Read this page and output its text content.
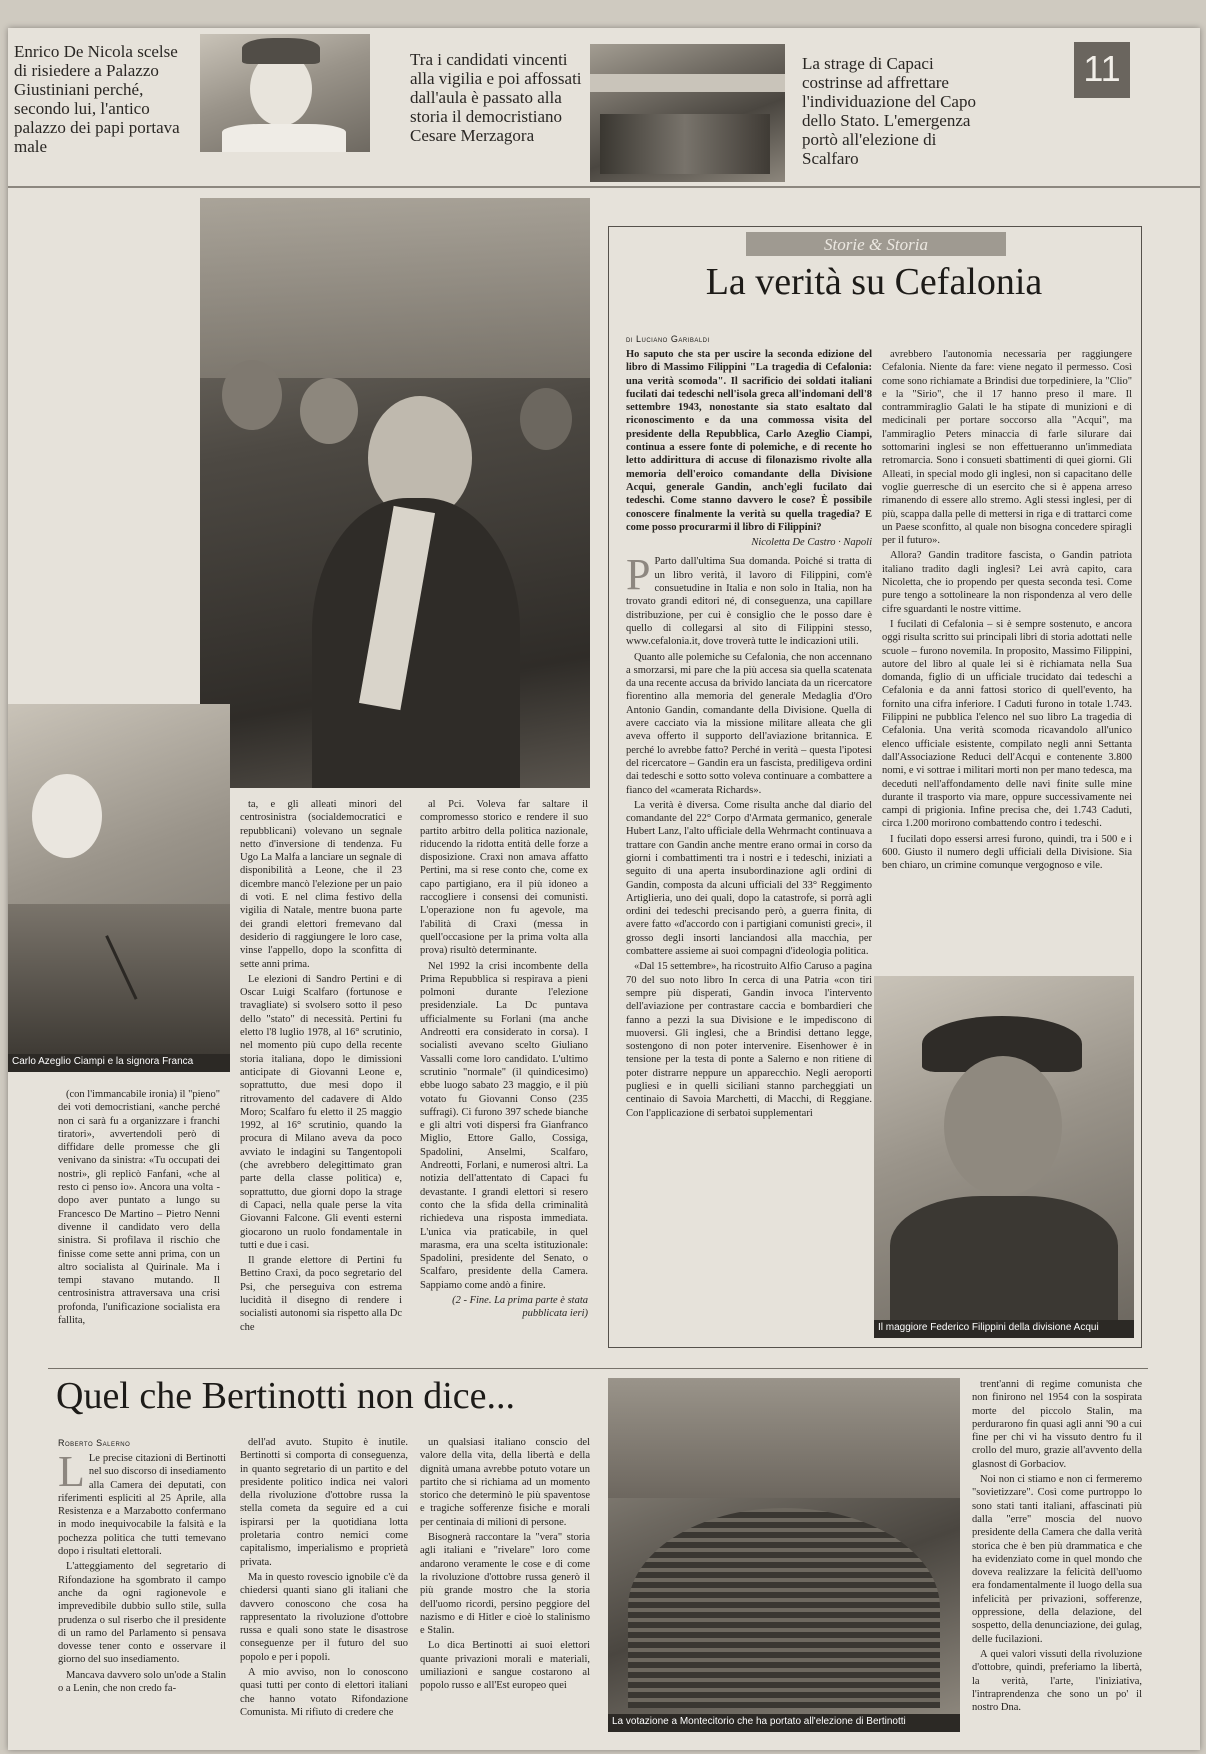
Enrico De Nicola scelse di risiedere a Palazzo Giustiniani perché, secondo lui, l'antico palazzo dei papi portava male
Tra i candidati vincenti alla vigilia e poi affossati dall'aula è passato alla storia il democristiano Cesare Merzagora
La strage di Capaci costrinse ad affrettare l'individuazione del Capo dello Stato. L'emergenza portò all'elezione di Scalfaro
11
Carlo Azeglio Ciampi e la signora Franca

(con l'immancabile ironia) il "pieno" dei voti democristiani, «anche perché non ci sarà fu a organizzare i franchi tiratori», avvertendoli però di diffidare delle promesse che gli venivano da sinistra: «Tu occupati dei nostri», gli replicò Fanfani, «che al resto ci penso io». Ancora una volta - dopo aver puntato a lungo su Francesco De Martino – Pietro Nenni divenne il candidato vero della sinistra. Si profilava il rischio che finisse come sette anni prima, con un altro socialista al Quirinale. Ma i tempi stavano mutando. Il centrosinistra attraversava una crisi profonda, l'unificazione socialista era fallita,

ta, e gli alleati minori del centrosinistra (socialdemocratici e repubblicani) volevano un segnale netto d'inversione di tendenza. Fu Ugo La Malfa a lanciare un segnale di disponibilità a Leone, che il 23 dicembre mancò l'elezione per un paio di voti. E nel clima festivo della vigilia di Natale, mentre buona parte dei grandi elettori fremevano dal desiderio di raggiungere le loro case, vinse l'appello, dopo la sconfitta di sette anni prima.

Le elezioni di Sandro Pertini e di Oscar Luigi Scalfaro (fortunose e travagliate) si svolsero sotto il peso dello "stato" di necessità. Pertini fu eletto l'8 luglio 1978, al 16° scrutinio, nel momento più cupo della recente storia italiana, dopo le dimissioni anticipate di Giovanni Leone e, soprattutto, due mesi dopo il ritrovamento del cadavere di Aldo Moro; Scalfaro fu eletto il 25 maggio 1992, al 16° scrutinio, quando la procura di Milano aveva da poco avviato le indagini su Tangentopoli (che avrebbero delegittimato gran parte della classe politica) e, soprattutto, due giorni dopo la strage di Capaci, nella quale perse la vita Giovanni Falcone. Gli eventi esterni giocarono un ruolo fondamentale in tutti e due i casi.

Il grande elettore di Pertini fu Bettino Craxi, da poco segretario del Psi, che perseguiva con estrema lucidità il disegno di rendere i socialisti autonomi sia rispetto alla Dc che

al Pci. Voleva far saltare il compromesso storico e rendere il suo partito arbitro della politica nazionale, riducendo la ridotta entità delle forze a disposizione. Craxi non amava affatto Pertini, ma si rese conto che, come ex capo partigiano, era il più idoneo a raccogliere i consensi dei comunisti. L'operazione non fu agevole, ma l'abilità di Craxi (messa in quell'occasione per la prima volta alla prova) risultò determinante.

Nel 1992 la crisi incombente della Prima Repubblica si respirava a pieni polmoni durante l'elezione presidenziale. La Dc puntava ufficialmente su Forlani (ma anche Andreotti era considerato in corsa). I socialisti avevano scelto Giuliano Vassalli come loro candidato. L'ultimo scrutinio "normale" (il quindicesimo) ebbe luogo sabato 23 maggio, e il più votato fu Giovanni Conso (235 suffragi). Ci furono 397 schede bianche e gli altri voti dispersi fra Gianfranco Miglio, Ettore Gallo, Cossiga, Spadolini, Anselmi, Scalfaro, Andreotti, Forlani, e numerosi altri. La notizia dell'attentato di Capaci fu devastante. I grandi elettori si resero conto che la sfida della criminalità richiedeva una risposta immediata. L'unica via praticabile, in quel marasma, era una scelta istituzionale: Spadolini, presidente del Senato, o Scalfaro, presidente della Camera. Sappiamo come andò a finire.

(2 - Fine. La prima parte è stata pubblicata ieri)

Storie & Storia
La verità su Cefalonia
di Luciano Garibaldi

Ho saputo che sta per uscire la seconda edizione del libro di Massimo Filippini "La tragedia di Cefalonia: una verità scomoda". Il sacrificio dei soldati italiani fucilati dai tedeschi nell'isola greca all'indomani dell'8 settembre 1943, nonostante sia stato esaltato dal riconoscimento e da una commossa visita del presidente della Repubblica, Carlo Azeglio Ciampi, continua a essere fonte di polemiche, e di recente ho letto addirittura di accuse di filonazismo rivolte alla memoria dell'eroico comandante della Divisione Acqui, generale Gandin, anch'egli fucilato dai tedeschi. Come stanno davvero le cose? È possibile conoscere finalmente la verità su quella tragedia? E come posso procurarmi il libro di Filippini?

Nicoletta De Castro · Napoli

P Parto dall'ultima Sua domanda. Poiché si tratta di un libro verità, il lavoro di Filippini, com'è consuetudine in Italia e non solo in Italia, non ha trovato grandi editori né, di conseguenza, una capillare distribuzione, per cui è consiglio che le posso dare è quello di collegarsi al sito di Filippini stesso, www.cefalonia.it, dove troverà tutte le indicazioni utili.

Quanto alle polemiche su Cefalonia, che non accennano a smorzarsi, mi pare che la più accesa sia quella scatenata da una recente accusa da brivido lanciata da un ricercatore fiorentino alla memoria del generale Medaglia d'Oro Antonio Gandin, comandante della Divisione. Quella di avere cacciato via la missione militare alleata che gli aveva offerto il supporto dell'aviazione britannica. E perché lo avrebbe fatto? Perché in verità – questa l'ipotesi del ricercatore – Gandin era un fascista, prediligeva ordini dai tedeschi e sotto sotto voleva continuare a combattere a fianco del «camerata Richards».

La verità è diversa. Come risulta anche dal diario del comandante del 22° Corpo d'Armata germanico, generale Hubert Lanz, l'alto ufficiale della Wehrmacht continuava a trattare con Gandin anche mentre erano ormai in corso da giorni i combattimenti tra i nostri e i tedeschi, iniziati a seguito di una aperta insubordinazione agli ordini di Gandin, composta da alcuni ufficiali del 33° Reggimento Artiglieria, uno dei quali, dopo la catastrofe, si porrà agli ordini dei tedeschi precisando però, a guerra finita, di avere fatto «d'accordo con i partigiani comunisti greci», il grosso degli insorti lanciandosi alla macchia, per combattere assieme ai suoi compagni d'ideologia politica.

«Dal 15 settembre», ha ricostruito Alfio Caruso a pagina 70 del suo noto libro In cerca di una Patria «con tiri sempre più disperati, Gandin invoca l'intervento dell'aviazione per contrastare caccia e bombardieri che fanno a pezzi la sua Divisione e le impediscono di muoversi. Gli inglesi, che a Brindisi dettano legge, sostengono di non poter intervenire. Eisenhower è in tensione per la testa di ponte a Salerno e non ritiene di poter distrarre neppure un apparecchio. Negli aeroporti pugliesi e in quelli siciliani stanno parcheggiati un centinaio di Savoia Marchetti, di Macchi, di Reggiane. Con l'applicazione di serbatoi supplementari

avrebbero l'autonomia necessaria per raggiungere Cefalonia. Niente da fare: viene negato il permesso. Così come sono richiamate a Brindisi due torpediniere, la "Clio" e la "Sirio", che il 17 hanno preso il mare. Il contrammiraglio Galati le ha stipate di munizioni e di medicinali per portare soccorso alla "Acqui", ma l'ammiraglio Peters minaccia di farle silurare dai sottomarini inglesi se non effettueranno un'immediata retromarcia. Sono i consueti sbattimenti di quei giorni. Gli Alleati, in special modo gli inglesi, non si capacitano delle voglie guerresche di un esercito che si è appena arreso rimanendo di essere allo stremo. Agli stessi inglesi, per di più, scappa dalla pelle di mettersi in riga e di trattarci come un Paese sconfitto, al quale non bisogna concedere spiragli per il futuro».

Allora? Gandin traditore fascista, o Gandin patriota italiano tradito dagli inglesi? Lei avrà capito, cara Nicoletta, che io propendo per questa seconda tesi. Come pure tengo a sottolineare la non rispondenza al vero delle cifre sguardanti le nostre vittime.

I fucilati di Cefalonia – si è sempre sostenuto, e ancora oggi risulta scritto sui principali libri di storia adottati nelle scuole – furono novemila. In proposito, Massimo Filippini, autore del libro al quale lei si è richiamata nella Sua domanda, figlio di un ufficiale trucidato dai tedeschi a Cefalonia e da anni fattosi storico di quell'evento, ha fornito una cifra inferiore. I Caduti furono in totale 1.743. Filippini ne pubblica l'elenco nel suo libro La tragedia di Cefalonia. Una verità scomoda ricavandolo all'unico elenco ufficiale esistente, compilato negli anni Settanta dall'Associazione Reduci dell'Acqui e contenente 3.800 nomi, e vi sottrae i militari morti non per mano tedesca, ma deceduti nell'affondamento delle navi finite sulle mine durante il trasporto via mare, oppure successivamente nei campi di prigionia. Infine precisa che, dei 1.743 Caduti, circa 1.200 morirono combattendo contro i tedeschi.

I fucilati dopo essersi arresi furono, quindi, tra i 500 e i 600. Giusto il numero degli ufficiali della Divisione. Sia ben chiaro, un crimine comunque vergognoso e vile.

Il maggiore Federico Filippini della divisione Acqui
Quel che Bertinotti non dice...
Roberto Salerno

L Le precise citazioni di Bertinotti nel suo discorso di insediamento alla Camera dei deputati, con riferimenti espliciti al 25 Aprile, alla Resistenza e a Marzabotto confermano in modo inequivocabile la falsità e la pochezza politica che tutti temevano dopo i risultati elettorali.

L'atteggiamento del segretario di Rifondazione ha sgombrato il campo anche da ogni ragionevole e imprevedibile dubbio sullo stile, sulla prudenza o sul riserbo che il presidente di un ramo del Parlamento si pensava dovesse tener conto e osservare il giorno del suo insediamento.

Mancava davvero solo un'ode a Stalin o a Lenin, che non credo fa-

dell'ad avuto. Stupito è inutile. Bertinotti si comporta di conseguenza, in quanto segretario di un partito e del presidente politico indica nei valori della rivoluzione d'ottobre russa la stella cometa da seguire ed a cui ispirarsi per la quotidiana lotta proletaria contro nemici come capitalismo, imperialismo e proprietà privata.

Ma in questo rovescio ignobile c'è da chiedersi quanti siano gli italiani che davvero conoscono che cosa ha rappresentato la rivoluzione d'ottobre russa e quali sono state le disastrose conseguenze per il futuro del suo popolo e per i popoli.

A mio avviso, non lo conoscono quasi tutti per conto di elettori italiani che hanno votato Rifondazione Comunista. Mi rifiuto di credere che

un qualsiasi italiano conscio del valore della vita, della libertà e della dignità umana avrebbe potuto votare un partito che si richiama ad un momento storico che determinò le più spaventose e tragiche sofferenze fisiche e morali per centinaia di milioni di persone.

Bisognerà raccontare la "vera" storia agli italiani e "rivelare" loro come andarono veramente le cose e di come la rivoluzione d'ottobre russa generò il più grande mostro che la storia dell'uomo ricordi, persino peggiore del nazismo e di Hitler e cioè lo stalinismo e Stalin.

Lo dica Bertinotti ai suoi elettori quante privazioni morali e materiali, umiliazioni e sangue costarono al popolo russo e all'Est europeo quei

La votazione a Montecitorio che ha portato all'elezione di Bertinotti

trent'anni di regime comunista che non finirono nel 1954 con la sospirata morte del piccolo Stalin, ma perdurarono fin quasi agli anni '90 a cui fine per chi vi ha vissuto dentro fu il crollo del muro, grazie all'avvento della glasnost di Gorbaciov.

Noi non ci stiamo e non ci fermeremo "sovietizzare". Così come purtroppo lo sono stati tanti italiani, affascinati più dalla "erre" moscia del nuovo presidente della Camera che dalla verità storica che è ben più drammatica e che ha evidenziato come in quel mondo che doveva realizzare la felicità dell'uomo era fondamentalmente il luogo della sua infelicità per privazioni, sofferenze, oppressione, della delazione, del sospetto, della denunciazione, dei gulag, delle fucilazioni.

A quei valori vissuti della rivoluzione d'ottobre, quindi, preferiamo la libertà, la verità, l'arte, l'iniziativa, l'intraprendenza che sono un po' il nostro Dna.
